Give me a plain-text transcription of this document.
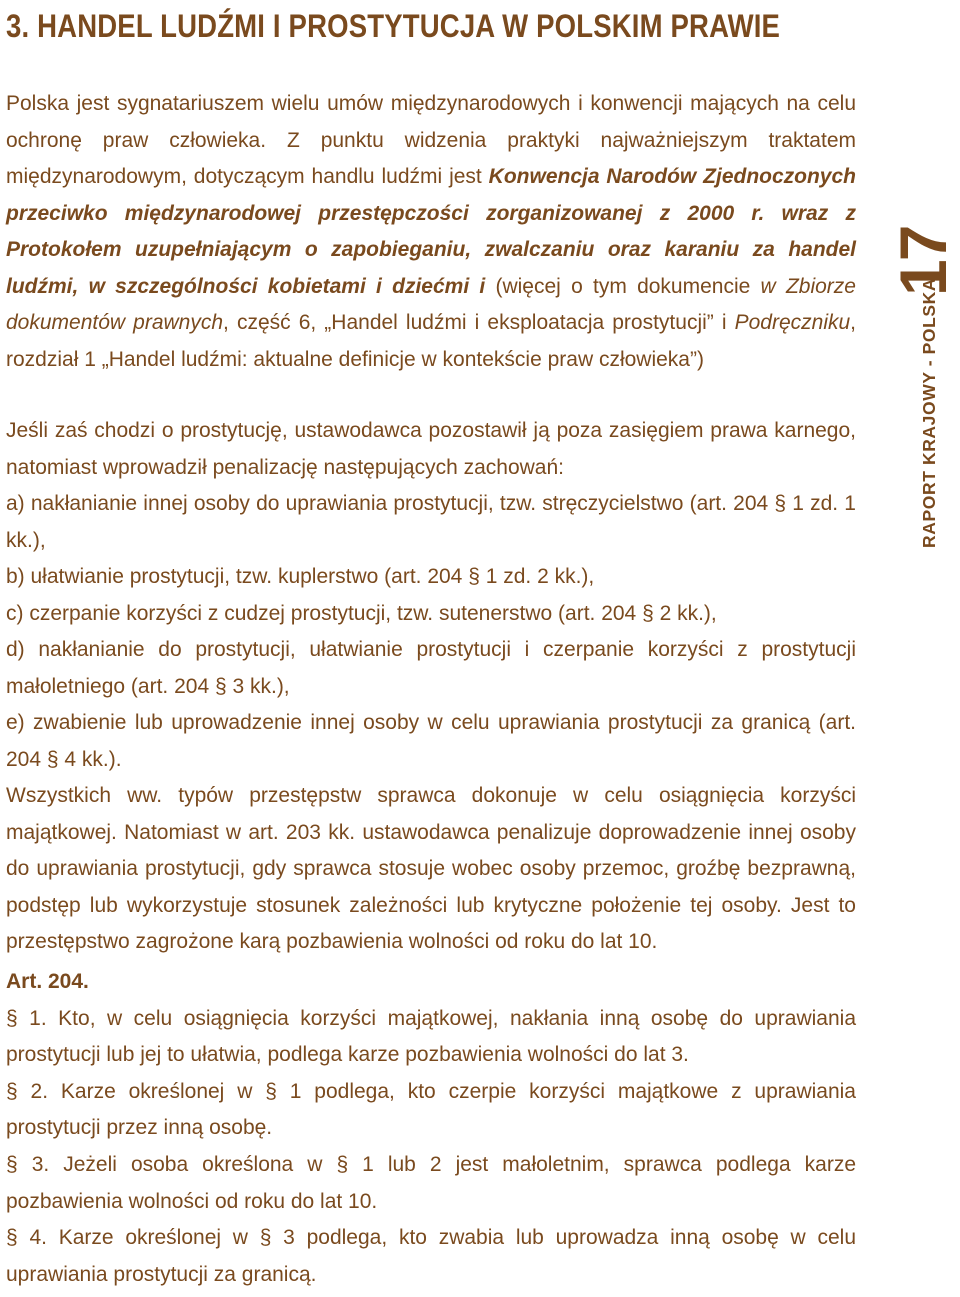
3. HANDEL LUDŹMI I PROSTYTUCJA W POLSKIM PRAWIE

Polska jest sygnatariuszem wielu umów międzynarodowych i konwencji mających na celu ochronę praw człowieka. Z punktu widzenia praktyki najważniejszym traktatem międzynarodowym, dotyczącym handlu ludźmi jest Konwencja Narodów Zjednoczonych przeciwko międzynarodowej przestępczości zorganizowanej z 2000 r. wraz z Protokołem uzupełniającym o zapobieganiu, zwalczaniu oraz karaniu za handel ludźmi, w szczególności kobietami i dziećmi i (więcej o tym dokumencie w Zbiorze dokumentów prawnych, część 6, „Handel ludźmi i eksploatacja prostytucji” i Podręczniku, rozdział 1 „Handel ludźmi: aktualne definicje w kontekście praw człowieka”)

Jeśli zaś chodzi o prostytucję, ustawodawca pozostawił ją poza zasięgiem prawa karnego, natomiast wprowadził penalizację następujących zachowań:

a) nakłanianie innej osoby do uprawiania prostytucji, tzw. stręczycielstwo (art. 204 § 1 zd. 1 kk.),

b) ułatwianie prostytucji, tzw. kuplerstwo (art. 204 § 1 zd. 2 kk.),

c) czerpanie korzyści z cudzej prostytucji, tzw. sutenerstwo (art. 204 § 2 kk.),

d) nakłanianie do prostytucji, ułatwianie prostytucji i czerpanie korzyści z prostytucji małoletniego (art. 204 § 3 kk.),

e) zwabienie lub uprowadzenie innej osoby w celu uprawiania prostytucji za granicą (art. 204 § 4 kk.).

Wszystkich ww. typów przestępstw sprawca dokonuje w celu osiągnięcia korzyści majątkowej. Natomiast w art. 203 kk. ustawodawca penalizuje doprowadzenie innej osoby do uprawiania prostytucji, gdy sprawca stosuje wobec osoby przemoc, groźbę bezprawną, podstęp lub wykorzystuje stosunek zależności lub krytyczne położenie tej osoby. Jest to przestępstwo zagrożone karą pozbawienia wolności od roku do lat 10.

Art. 204.

§ 1. Kto, w celu osiągnięcia korzyści majątkowej, nakłania inną osobę do uprawiania prostytucji lub jej to ułatwia, podlega karze pozbawienia wolności do lat 3.

§ 2. Karze określonej w § 1 podlega, kto czerpie korzyści majątkowe z uprawiania prostytucji przez inną osobę.

§ 3. Jeżeli osoba określona w § 1 lub 2 jest małoletnim, sprawca podlega karze pozbawienia wolności od roku do lat 10.

§ 4. Karze określonej w § 3 podlega, kto zwabia lub uprowadza inną osobę w celu uprawiania prostytucji za granicą.

17
RAPORT KRAJOWY - POLSKA
